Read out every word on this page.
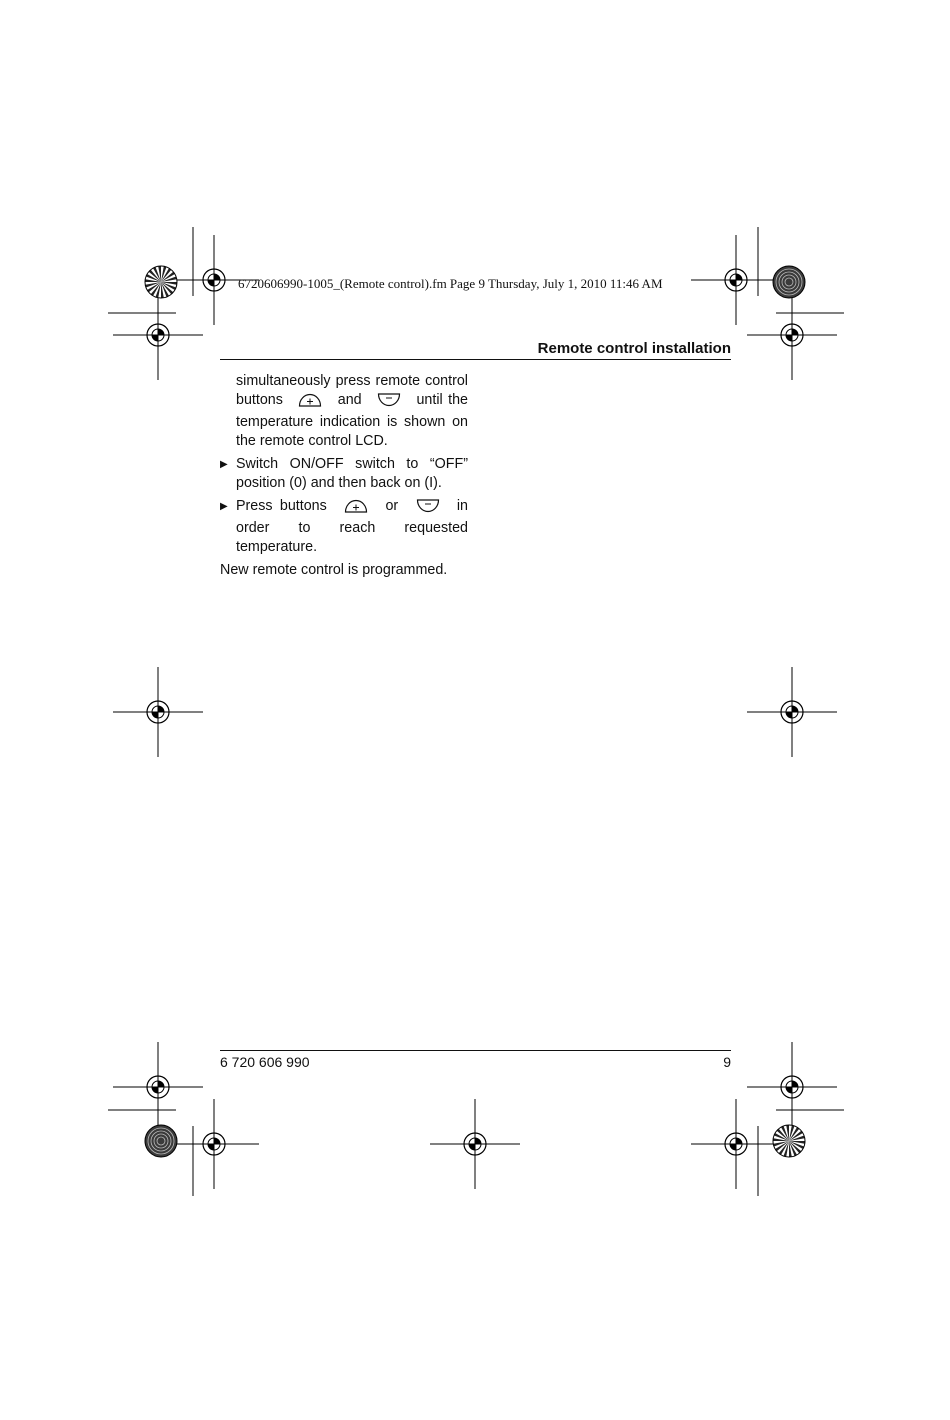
6720606990-1005_(Remote control).fm Page 9 Thursday, July 1, 2010 11:46 AM
Remote control installation
simultaneously press remote control buttons	and	until the temperature indication is shown on the remote control LCD.
▶ Switch ON/OFF switch to “OFF” position (0) and then back on (I).
▶ Press buttons	or	in order to reach requested temperature.
New remote control is programmed.
6 720 606 990	9
